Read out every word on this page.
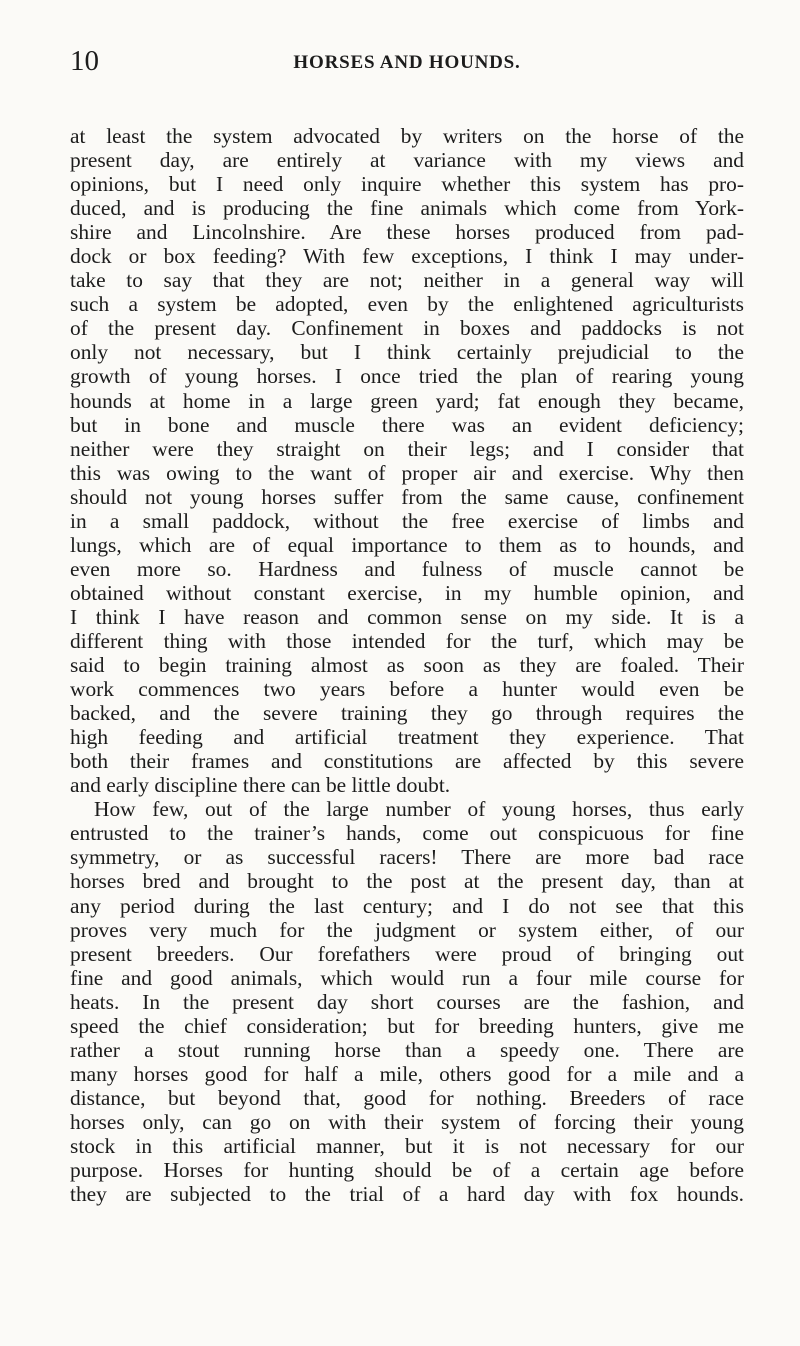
10	HORSES AND HOUNDS.
at least the system advocated by writers on the horse of the
present day, are entirely at variance with my views and
opinions, but I need only inquire whether this system has pro-
duced, and is producing the fine animals which come from York-
shire and Lincolnshire. Are these horses produced from pad-
dock or box feeding? With few exceptions, I think I may under-
take to say that they are not; neither in a general way will
such a system be adopted, even by the enlightened agriculturists
of the present day. Confinement in boxes and paddocks is not
only not necessary, but I think certainly prejudicial to the
growth of young horses. I once tried the plan of rearing young
hounds at home in a large green yard; fat enough they became,
but in bone and muscle there was an evident deficiency;
neither were they straight on their legs; and I consider that
this was owing to the want of proper air and exercise. Why then
should not young horses suffer from the same cause, confinement
in a small paddock, without the free exercise of limbs and
lungs, which are of equal importance to them as to hounds, and
even more so. Hardness and fulness of muscle cannot be
obtained without constant exercise, in my humble opinion, and
I think I have reason and common sense on my side. It is a
different thing with those intended for the turf, which may be
said to begin training almost as soon as they are foaled. Their
work commences two years before a hunter would even be
backed, and the severe training they go through requires the
high feeding and artificial treatment they experience. That
both their frames and constitutions are affected by this severe
and early discipline there can be little doubt.
How few, out of the large number of young horses, thus early
entrusted to the trainer’s hands, come out conspicuous for fine
symmetry, or as successful racers! There are more bad race
horses bred and brought to the post at the present day, than at
any period during the last century; and I do not see that this
proves very much for the judgment or system either, of our
present breeders. Our forefathers were proud of bringing out
fine and good animals, which would run a four mile course for
heats. In the present day short courses are the fashion, and
speed the chief consideration; but for breeding hunters, give me
rather a stout running horse than a speedy one. There are
many horses good for half a mile, others good for a mile and a
distance, but beyond that, good for nothing. Breeders of race
horses only, can go on with their system of forcing their young
stock in this artificial manner, but it is not necessary for our
purpose. Horses for hunting should be of a certain age before
they are subjected to the trial of a hard day with fox hounds.
